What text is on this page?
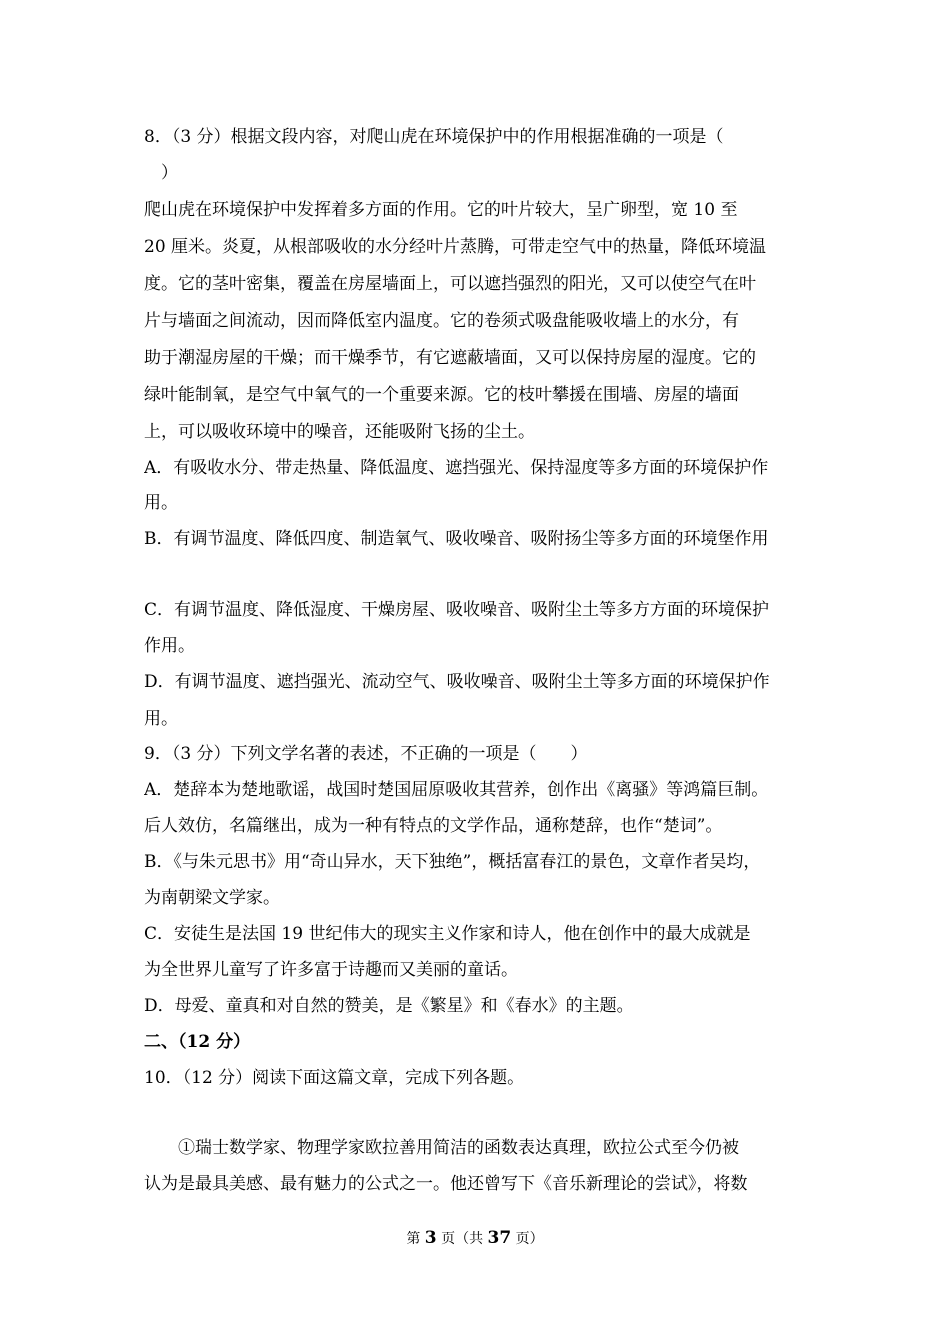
8．（3 分）根据文段内容，对爬山虎在环境保护中的作用根据准确的一项是（
）
爬山虎在环境保护中发挥着多方面的作用。它的叶片较大，呈广卵型，宽 10 至
20 厘米。炎夏，从根部吸收的水分经叶片蒸腾，可带走空气中的热量，降低环境温
度。它的茎叶密集，覆盖在房屋墙面上，可以遮挡强烈的阳光，又可以使空气在叶
片与墙面之间流动，因而降低室内温度。它的卷须式吸盘能吸收墙上的水分，有
助于潮湿房屋的干燥；而干燥季节，有它遮蔽墙面，又可以保持房屋的湿度。它的
绿叶能制氧，是空气中氧气的一个重要来源。它的枝叶攀援在围墙、房屋的墙面
上，可以吸收环境中的噪音，还能吸附飞扬的尘土。
A．有吸收水分、带走热量、降低温度、遮挡强光、保持湿度等多方面的环境保护作
用。
B．有调节温度、降低四度、制造氧气、吸收噪音、吸附扬尘等多方面的环境堡作用
C．有调节温度、降低湿度、干燥房屋、吸收噪音、吸附尘土等多方方面的环境保护
作用。
D．有调节温度、遮挡强光、流动空气、吸收噪音、吸附尘土等多方面的环境保护作
用。
9．（3 分）下列文学名著的表述，不正确的一项是（　　）
A．楚辞本为楚地歌谣，战国时楚国屈原吸收其营养，创作出《离骚》等鸿篇巨制。
后人效仿，名篇继出，成为一种有特点的文学作品，通称楚辞，也作“楚词”。
B．《与朱元思书》用“奇山异水，天下独绝”，概括富春江的景色，文章作者吴均，
为南朝梁文学家。
C．安徒生是法国 19 世纪伟大的现实主义作家和诗人，他在创作中的最大成就是
为全世界儿童写了许多富于诗趣而又美丽的童话。
D．母爱、童真和对自然的赞美，是《繁星》和《春水》的主题。
二、（12 分）
10．（12 分）阅读下面这篇文章，完成下列各题。
　　①瑞士数学家、物理学家欧拉善用简洁的函数表达真理，欧拉公式至今仍被
认为是最具美感、最有魅力的公式之一。他还曾写下《音乐新理论的尝试》，将数
第 3 页（共 37 页）
